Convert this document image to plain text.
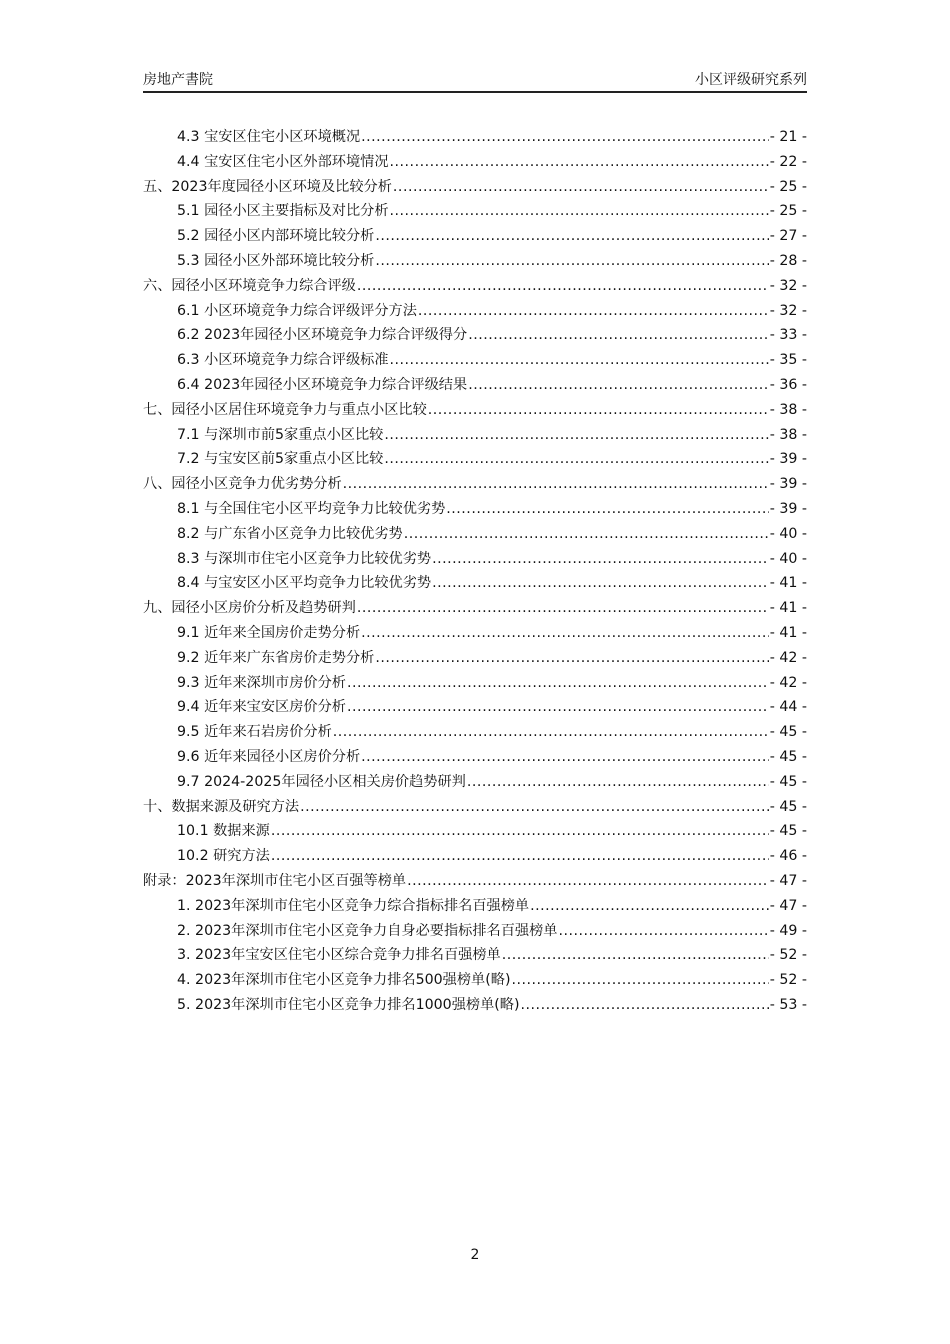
房地产書院	小区评级研究系列
4.3 宝安区住宅小区环境概况 .....	- 21 -
4.4 宝安区住宅小区外部环境情况 .....	- 22 -
五、2023年度园径小区环境及比较分析 .....	- 25 -
5.1 园径小区主要指标及对比分析 .....	- 25 -
5.2 园径小区内部环境比较分析 .....	- 27 -
5.3 园径小区外部环境比较分析 .....	- 28 -
六、园径小区环境竞争力综合评级 .....	- 32 -
6.1 小区环境竞争力综合评级评分方法 .....	- 32 -
6.2 2023年园径小区环境竞争力综合评级得分 .....	- 33 -
6.3 小区环境竞争力综合评级标准 .....	- 35 -
6.4 2023年园径小区环境竞争力综合评级结果 .....	- 36 -
七、园径小区居住环境竞争力与重点小区比较 .....	- 38 -
7.1 与深圳市前5家重点小区比较 .....	- 38 -
7.2 与宝安区前5家重点小区比较 .....	- 39 -
八、园径小区竞争力优劣势分析 .....	- 39 -
8.1 与全国住宅小区平均竞争力比较优劣势 .....	- 39 -
8.2 与广东省小区竞争力比较优劣势 .....	- 40 -
8.3 与深圳市住宅小区竞争力比较优劣势 .....	- 40 -
8.4 与宝安区小区平均竞争力比较优劣势 .....	- 41 -
九、园径小区房价分析及趋势研判 .....	- 41 -
9.1 近年来全国房价走势分析 .....	- 41 -
9.2 近年来广东省房价走势分析 .....	- 42 -
9.3 近年来深圳市房价分析 .....	- 42 -
9.4 近年来宝安区房价分析 .....	- 44 -
9.5 近年来石岩房价分析 .....	- 45 -
9.6 近年来园径小区房价分析 .....	- 45 -
9.7 2024-2025年园径小区相关房价趋势研判 .....	- 45 -
十、数据来源及研究方法 .....	- 45 -
10.1 数据来源 .....	- 45 -
10.2 研究方法 .....	- 46 -
附录：2023年深圳市住宅小区百强等榜单 .....	- 47 -
1. 2023年深圳市住宅小区竞争力综合指标排名百强榜单 .....	- 47 -
2. 2023年深圳市住宅小区竞争力自身必要指标排名百强榜单 .....	- 49 -
3. 2023年宝安区住宅小区综合竞争力排名百强榜单 .....	- 52 -
4. 2023年深圳市住宅小区竞争力排名500强榜单(略) .....	- 52 -
5. 2023年深圳市住宅小区竞争力排名1000强榜单(略) .....	- 53 -
2
